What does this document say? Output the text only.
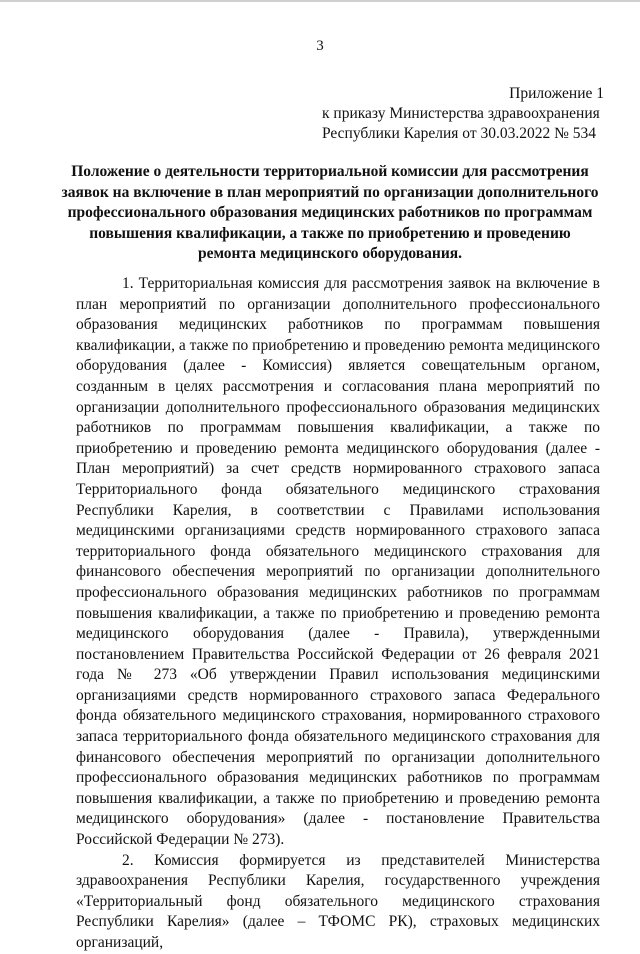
3
Приложение 1
к приказу Министерства здравоохранения
Республики Карелия от 30.03.2022 № 534
Положение о деятельности территориальной комиссии для рассмотрения заявок на включение в план мероприятий по организации дополнительного профессионального образования медицинских работников по программам повышения квалификации, а также по приобретению и проведению ремонта медицинского оборудования.

1. Территориальная комиссия для рассмотрения заявок на включение в план мероприятий по организации дополнительного профессионального образования медицинских работников по программам повышения квалификации, а также по приобретению и проведению ремонта медицинского оборудования (далее - Комиссия) является совещательным органом, созданным в целях рассмотрения и согласования плана мероприятий по организации дополнительного профессионального образования медицинских работников по программам повышения квалификации, а также по приобретению и проведению ремонта медицинского оборудования (далее - План мероприятий) за счет средств нормированного страхового запаса Территориального фонда обязательного медицинского страхования Республики Карелия, в соответствии с Правилами использования медицинскими организациями средств нормированного страхового запаса территориального фонда обязательного медицинского страхования для финансового обеспечения мероприятий по организации дополнительного профессионального образования медицинских работников по программам повышения квалификации, а также по приобретению и проведению ремонта медицинского оборудования (далее - Правила), утвержденными постановлением Правительства Российской Федерации от 26 февраля 2021 года № 273 «Об утверждении Правил использования медицинскими организациями средств нормированного страхового запаса Федерального фонда обязательного медицинского страхования, нормированного страхового запаса территориального фонда обязательного медицинского страхования для финансового обеспечения мероприятий по организации дополнительного профессионального образования медицинских работников по программам повышения квалификации, а также по приобретению и проведению ремонта медицинского оборудования» (далее - постановление Правительства Российской Федерации № 273).

2. Комиссия формируется из представителей Министерства здравоохранения Республики Карелия, государственного учреждения «Территориальный фонд обязательного медицинского страхования Республики Карелия» (далее – ТФОМС РК), страховых медицинских организаций,
